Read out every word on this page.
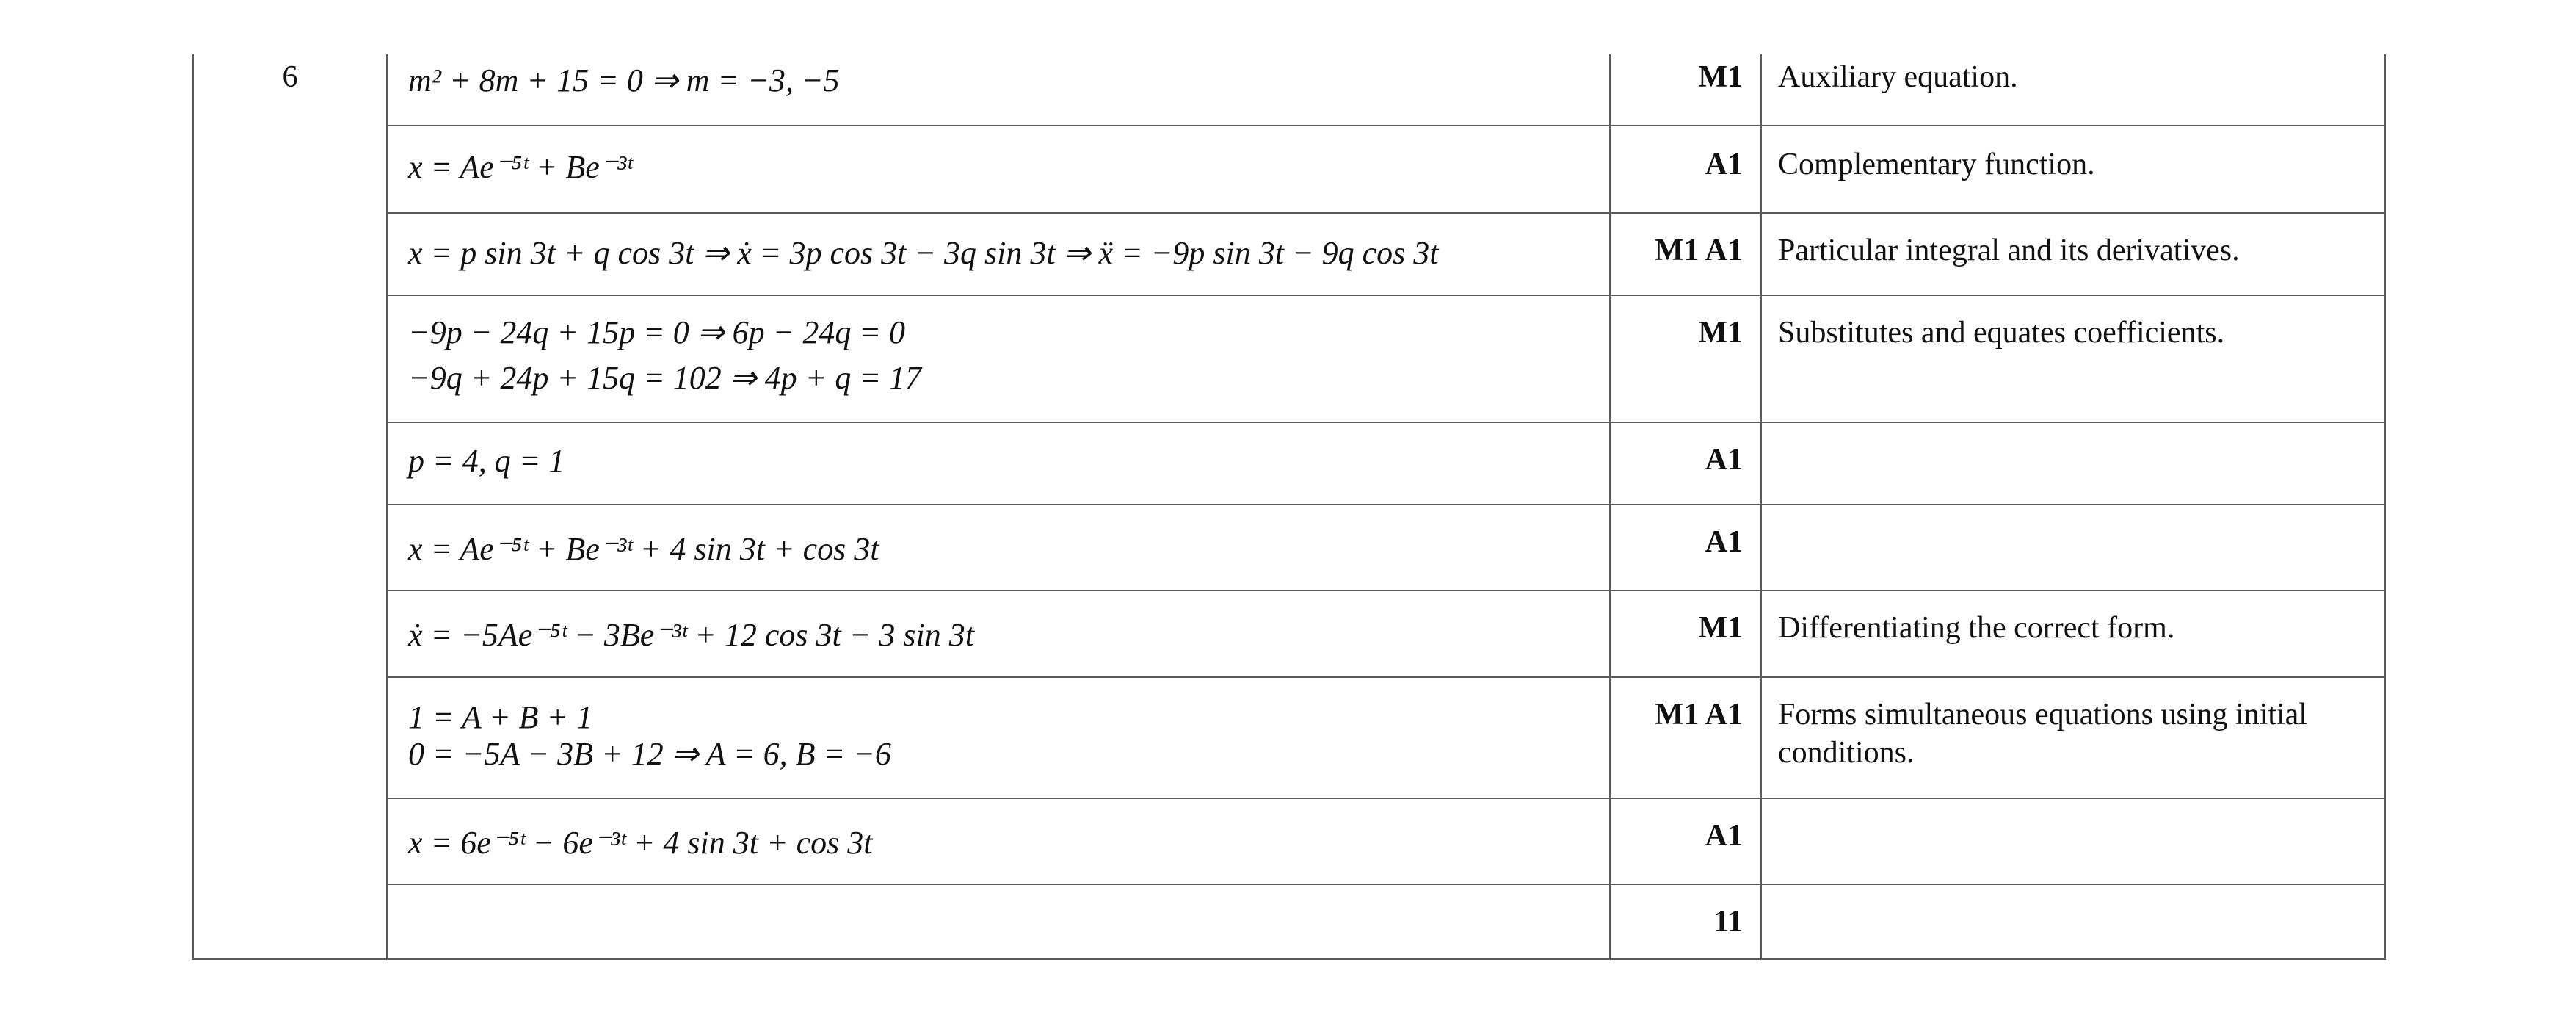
6	m² + 8m + 15 = 0 ⇒ m = −3, −5	M1	Auxiliary equation.

	x = Ae⁻⁵ᵗ + Be⁻³ᵗ	A1	Complementary function.

	x = p sin 3t + q cos 3t ⇒ ẋ = 3p cos 3t − 3q sin 3t ⇒ ẍ = −9p sin 3t − 9q cos 3t	M1 A1	Particular integral and its derivatives.

	−9p − 24q + 15p = 0 ⇒ 6p − 24q = 0
−9q + 24p + 15q = 102 ⇒ 4p + q = 17	M1	Substitutes and equates coefficients.

	p = 4, q = 1	A1	

	x = Ae⁻⁵ᵗ + Be⁻³ᵗ + 4 sin 3t + cos 3t	A1	

	ẋ = −5Ae⁻⁵ᵗ − 3Be⁻³ᵗ + 12 cos 3t − 3 sin 3t	M1	Differentiating the correct form.

	1 = A + B + 1
0 = −5A − 3B + 12 ⇒ A = 6, B = −6	M1 A1	Forms simultaneous equations using initial conditions.

	x = 6e⁻⁵ᵗ − 6e⁻³ᵗ + 4 sin 3t + cos 3t	A1	

		11	
